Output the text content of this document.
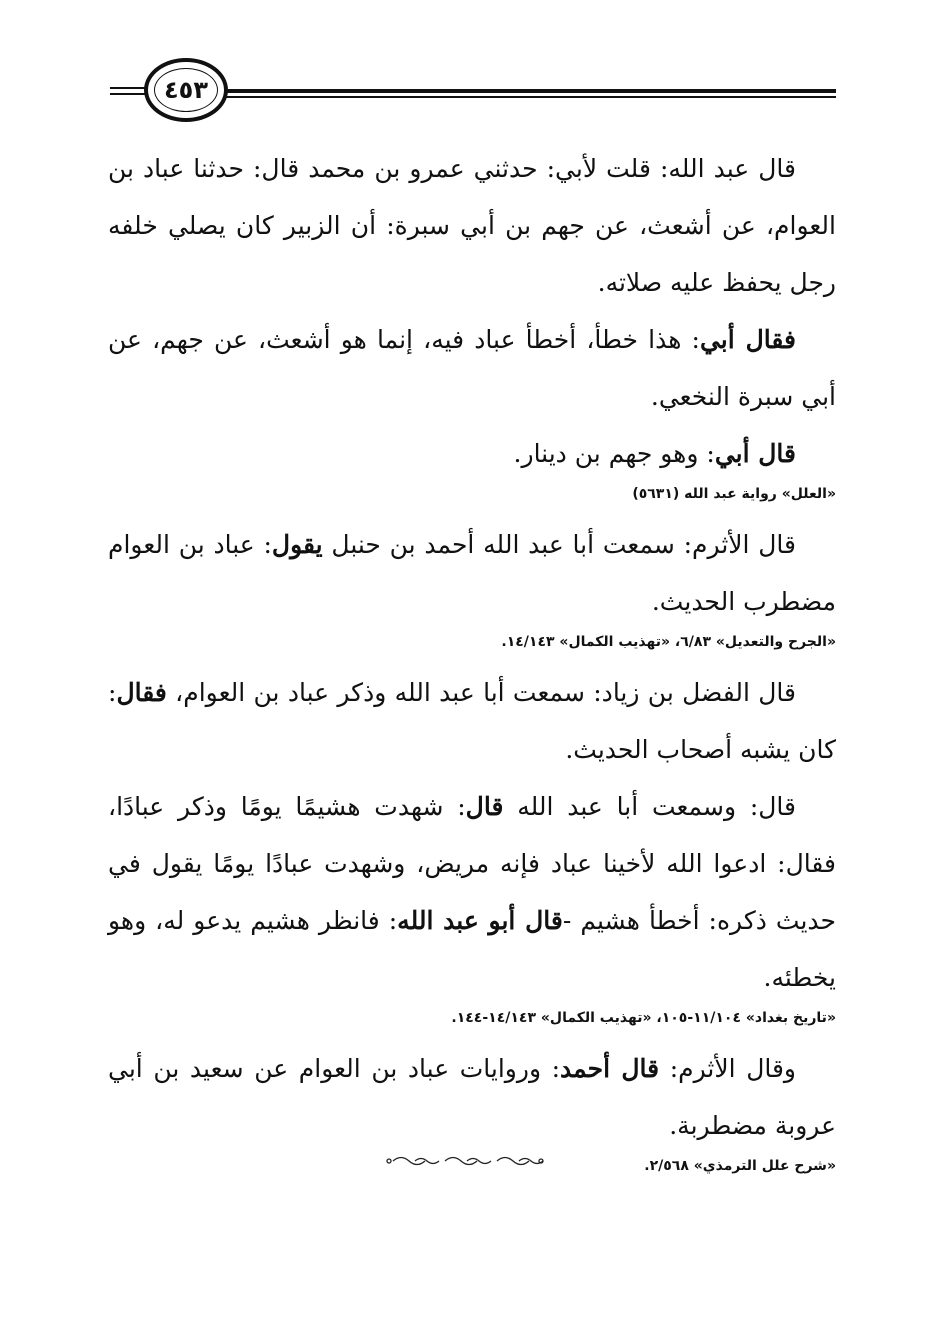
٤٥٣

قال عبد الله: قلت لأبي: حدثني عمرو بن محمد قال: حدثنا عباد بن العوام، عن أشعث، عن جهم بن أبي سبرة: أن الزبير كان يصلي خلفه رجل يحفظ عليه صلاته.

فقال أبي: هذا خطأ، أخطأ عباد فيه، إنما هو أشعث، عن جهم، عن أبي سبرة النخعي.

قال أبي: وهو جهم بن دينار.

«العلل» رواية عبد الله (٥٦٣١)

قال الأثرم: سمعت أبا عبد الله أحمد بن حنبل يقول: عباد بن العوام مضطرب الحديث.

«الجرح والتعديل» ٦/٨٣، «تهذيب الكمال» ١٤/١٤٣.

قال الفضل بن زياد: سمعت أبا عبد الله وذكر عباد بن العوام، فقال: كان يشبه أصحاب الحديث.

قال: وسمعت أبا عبد الله قال: شهدت هشيمًا يومًا وذكر عبادًا، فقال: ادعوا الله لأخينا عباد فإنه مريض، وشهدت عبادًا يومًا يقول في حديث ذكره: أخطأ هشيم -قال أبو عبد الله: فانظر هشيم يدعو له، وهو يخطئه.

«تاريخ بغداد» ١١/١٠٤-١٠٥، «تهذيب الكمال» ١٤/١٤٣-١٤٤.

وقال الأثرم: قال أحمد: وروايات عباد بن العوام عن سعيد بن أبي عروبة مضطربة.

«شرح علل الترمذي» ٢/٥٦٨.
